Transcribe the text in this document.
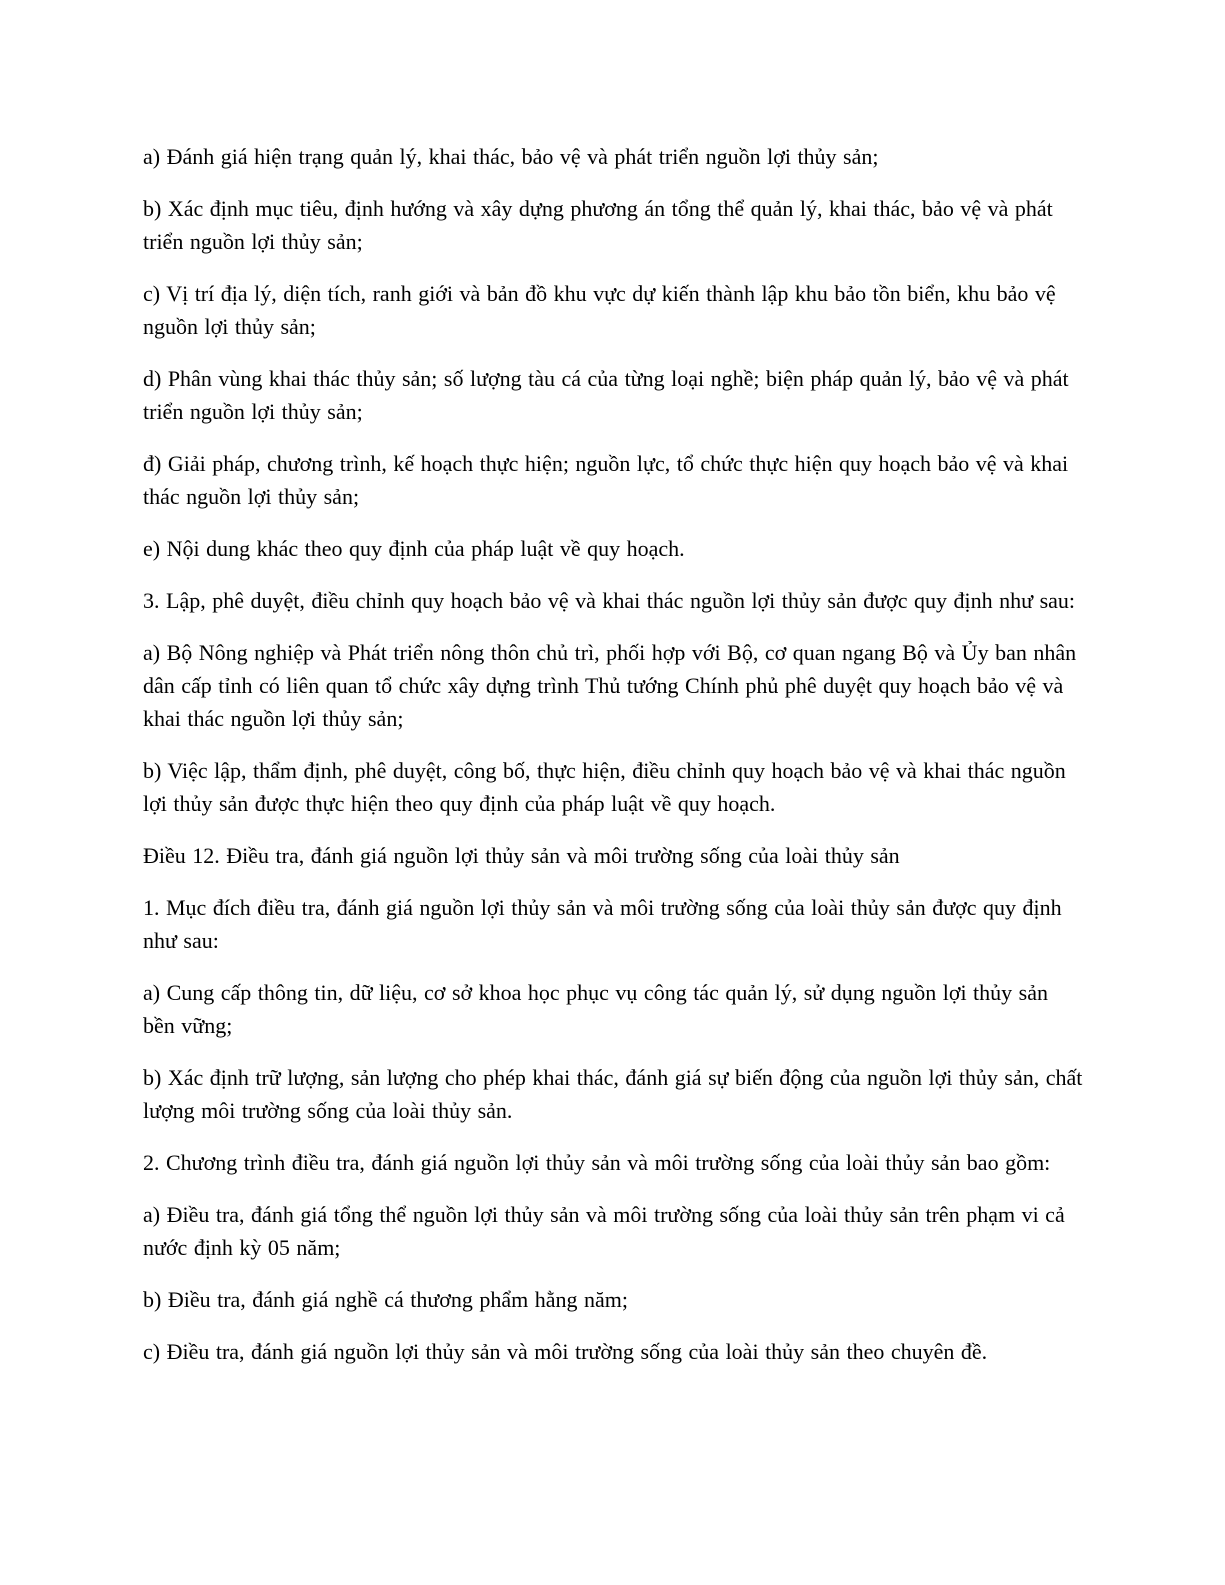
a) Đánh giá hiện trạng quản lý, khai thác, bảo vệ và phát triển nguồn lợi thủy sản;

b) Xác định mục tiêu, định hướng và xây dựng phương án tổng thể quản lý, khai thác, bảo vệ và phát triển nguồn lợi thủy sản;

c) Vị trí địa lý, diện tích, ranh giới và bản đồ khu vực dự kiến thành lập khu bảo tồn biển, khu bảo vệ nguồn lợi thủy sản;

d) Phân vùng khai thác thủy sản; số lượng tàu cá của từng loại nghề; biện pháp quản lý, bảo vệ và phát triển nguồn lợi thủy sản;

đ) Giải pháp, chương trình, kế hoạch thực hiện; nguồn lực, tổ chức thực hiện quy hoạch bảo vệ và khai thác nguồn lợi thủy sản;

e) Nội dung khác theo quy định của pháp luật về quy hoạch.

3. Lập, phê duyệt, điều chỉnh quy hoạch bảo vệ và khai thác nguồn lợi thủy sản được quy định như sau:

a) Bộ Nông nghiệp và Phát triển nông thôn chủ trì, phối hợp với Bộ, cơ quan ngang Bộ và Ủy ban nhân dân cấp tỉnh có liên quan tổ chức xây dựng trình Thủ tướng Chính phủ phê duyệt quy hoạch bảo vệ và khai thác nguồn lợi thủy sản;

b) Việc lập, thẩm định, phê duyệt, công bố, thực hiện, điều chỉnh quy hoạch bảo vệ và khai thác nguồn lợi thủy sản được thực hiện theo quy định của pháp luật về quy hoạch.

Điều 12. Điều tra, đánh giá nguồn lợi thủy sản và môi trường sống của loài thủy sản

1. Mục đích điều tra, đánh giá nguồn lợi thủy sản và môi trường sống của loài thủy sản được quy định như sau:

a) Cung cấp thông tin, dữ liệu, cơ sở khoa học phục vụ công tác quản lý, sử dụng nguồn lợi thủy sản bền vững;

b) Xác định trữ lượng, sản lượng cho phép khai thác, đánh giá sự biến động của nguồn lợi thủy sản, chất lượng môi trường sống của loài thủy sản.

2. Chương trình điều tra, đánh giá nguồn lợi thủy sản và môi trường sống của loài thủy sản bao gồm:

a) Điều tra, đánh giá tổng thể nguồn lợi thủy sản và môi trường sống của loài thủy sản trên phạm vi cả nước định kỳ 05 năm;

b) Điều tra, đánh giá nghề cá thương phẩm hằng năm;

c) Điều tra, đánh giá nguồn lợi thủy sản và môi trường sống của loài thủy sản theo chuyên đề.
